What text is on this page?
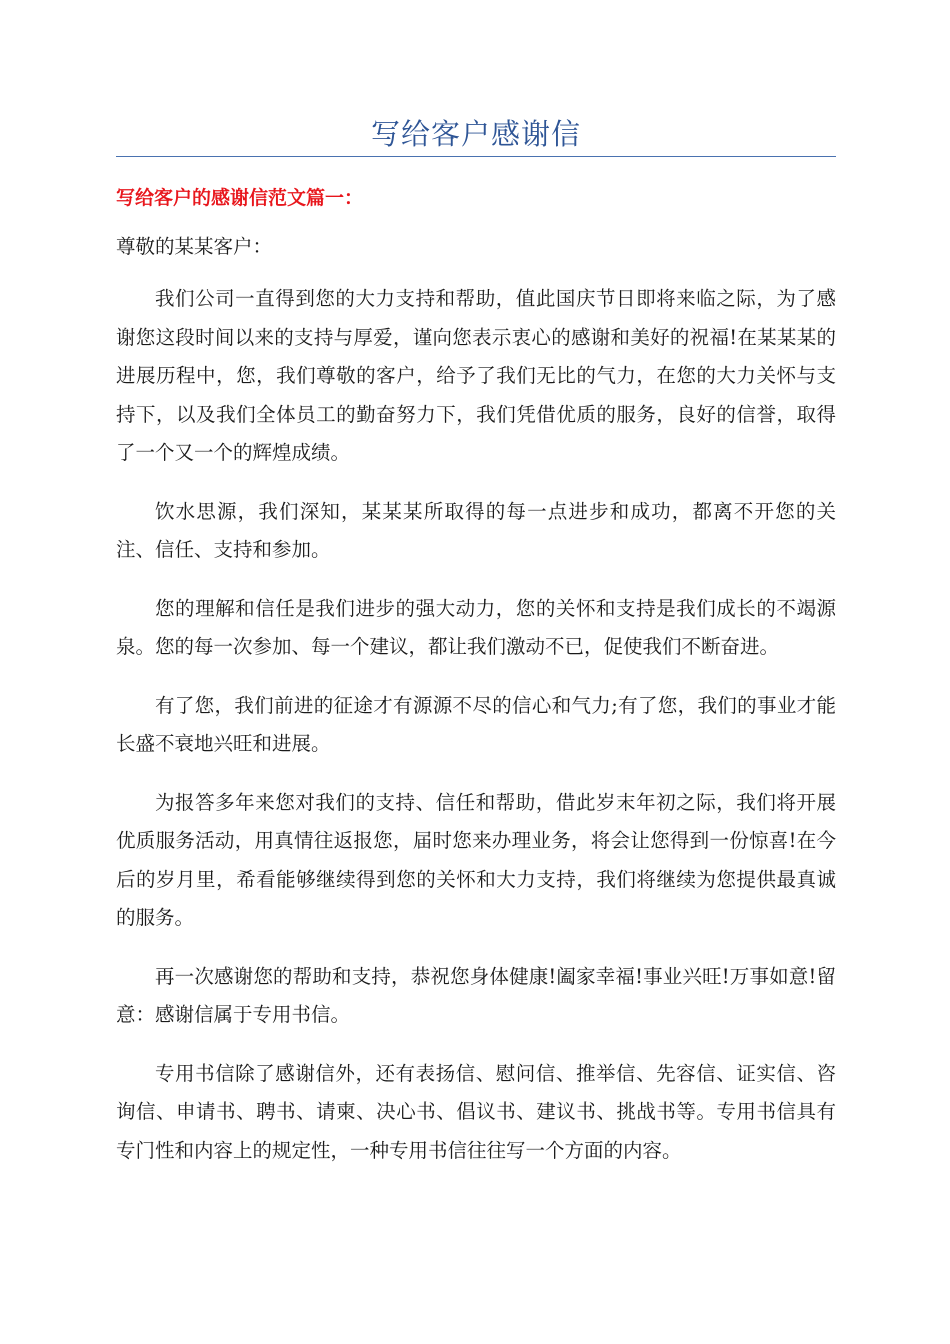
写给客户感谢信
写给客户的感谢信范文篇一：

尊敬的某某客户：

我们公司一直得到您的大力支持和帮助，值此国庆节日即将来临之际，为了感谢您这段时间以来的支持与厚爱，谨向您表示衷心的感谢和美好的祝福!在某某某的进展历程中，您，我们尊敬的客户，给予了我们无比的气力，在您的大力关怀与支持下，以及我们全体员工的勤奋努力下，我们凭借优质的服务，良好的信誉，取得了一个又一个的辉煌成绩。

饮水思源，我们深知，某某某所取得的每一点进步和成功，都离不开您的关注、信任、支持和参加。

您的理解和信任是我们进步的强大动力，您的关怀和支持是我们成长的不竭源泉。您的每一次参加、每一个建议，都让我们激动不已，促使我们不断奋进。

有了您，我们前进的征途才有源源不尽的信心和气力;有了您，我们的事业才能长盛不衰地兴旺和进展。

为报答多年来您对我们的支持、信任和帮助，借此岁末年初之际，我们将开展优质服务活动，用真情往返报您，届时您来办理业务，将会让您得到一份惊喜!在今后的岁月里，希看能够继续得到您的关怀和大力支持，我们将继续为您提供最真诚的服务。

再一次感谢您的帮助和支持，恭祝您身体健康!阖家幸福!事业兴旺!万事如意!留意：感谢信属于专用书信。

专用书信除了感谢信外，还有表扬信、慰问信、推举信、先容信、证实信、咨询信、申请书、聘书、请柬、决心书、倡议书、建议书、挑战书等。专用书信具有专门性和内容上的规定性，一种专用书信往往写一个方面的内容。
